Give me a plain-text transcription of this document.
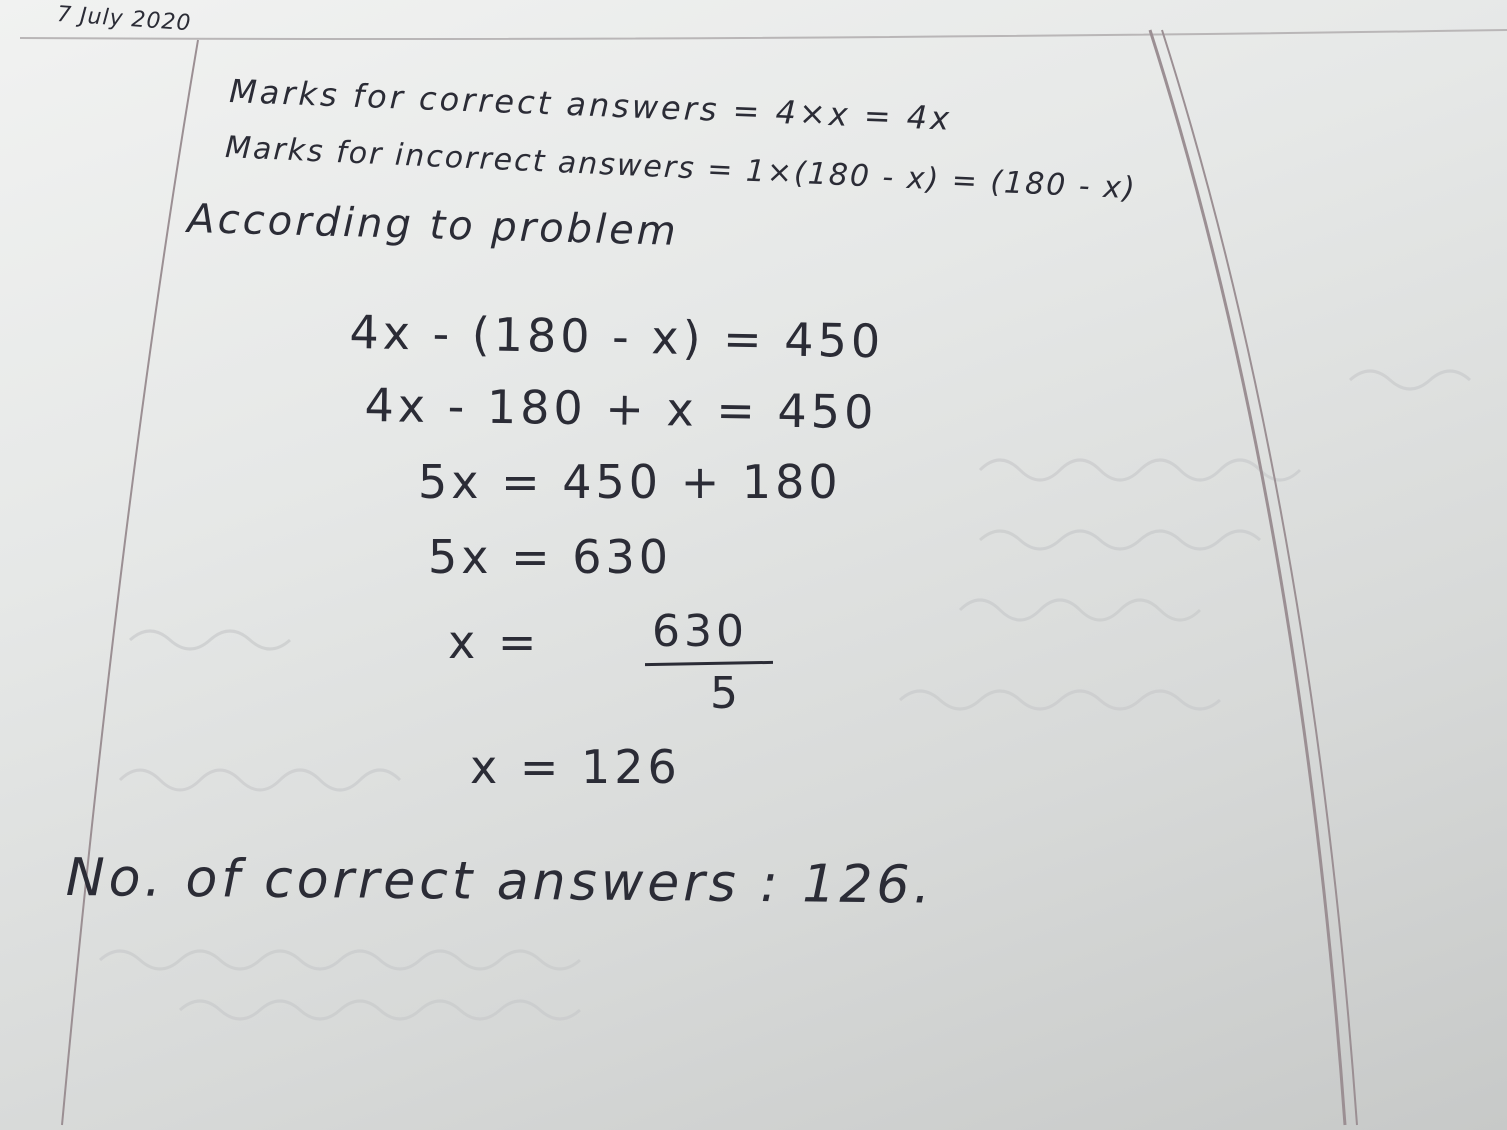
7 July 2020
Marks for correct answers = 4×x = 4x
Marks for incorrect answers = 1×(180 - x) = (180 - x)
According to problem
4x - (180 - x) = 450
4x - 180 + x = 450
5x = 450 + 180
5x = 630
x =	630
5
x = 126
No. of correct answers : 126.
